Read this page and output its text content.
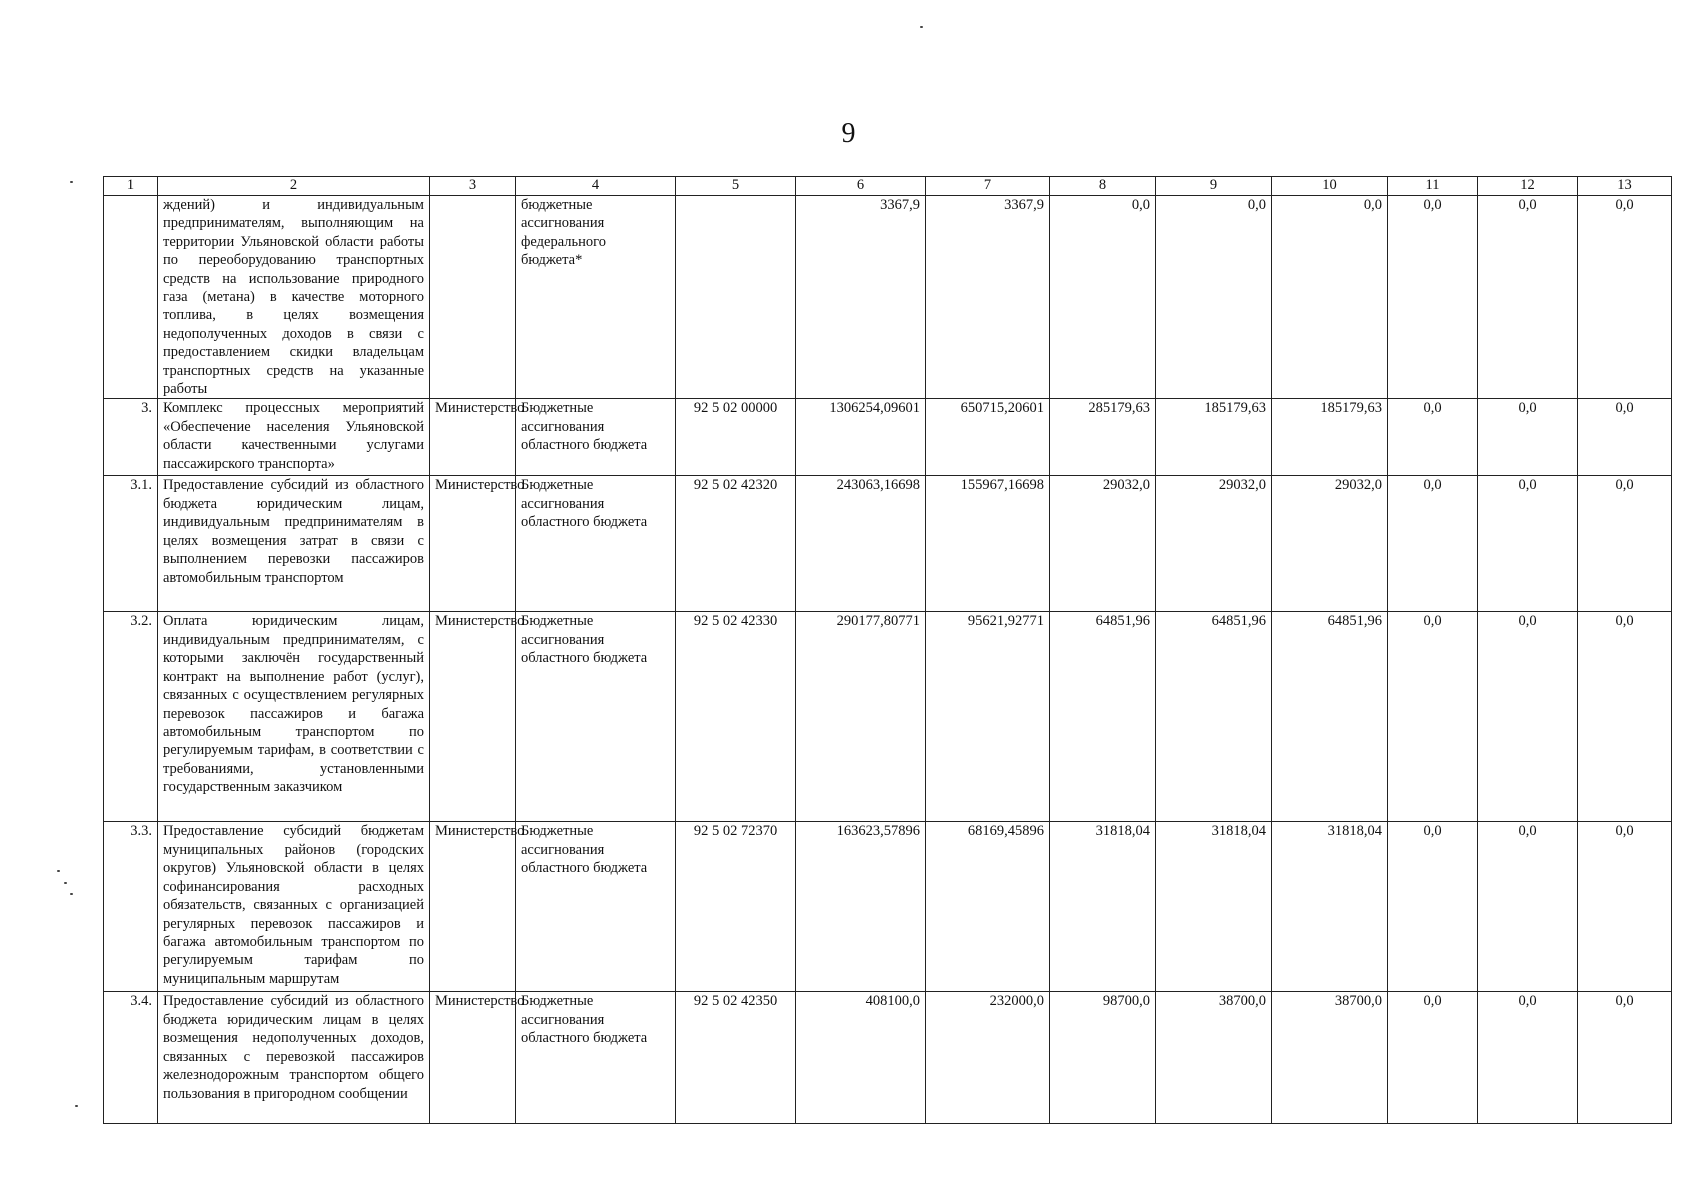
9
1	2	3	4	5	6	7	8	9	10	11	12	13
	ждений) и индивидуальным предпринимателям, выполняющим на территории Ульяновской области работы по переоборудованию транспортных средств на использование природного газа (метана) в качестве моторного топлива, в целях возмещения недополученных доходов в связи с предоставлением скидки владельцам транспортных средств на указанные работы		бюджетные ассигнования федерального бюджета*		3367,9	3367,9	0,0	0,0	0,0	0,0	0,0	0,0
3.	Комплекс процессных мероприятий «Обеспечение населения Ульяновской области качественными услугами пассажирского транспорта»	Министерство	Бюджетные ассигнования областного бюджета	92 5 02 00000	1306254,09601	650715,20601	285179,63	185179,63	185179,63	0,0	0,0	0,0
3.1.	Предоставление субсидий из областного бюджета юридическим лицам, индивидуальным предпринимателям в целях возмещения затрат в связи с выполнением перевозки пассажиров автомобильным транспортом	Министерство	Бюджетные ассигнования областного бюджета	92 5 02 42320	243063,16698	155967,16698	29032,0	29032,0	29032,0	0,0	0,0	0,0
3.2.	Оплата юридическим лицам, индивидуальным предпринимателям, с которыми заключён государственный контракт на выполнение работ (услуг), связанных с осуществлением регулярных перевозок пассажиров и багажа автомобильным транспортом по регулируемым тарифам, в соответствии с требованиями, установленными государственным заказчиком	Министерство	Бюджетные ассигнования областного бюджета	92 5 02 42330	290177,80771	95621,92771	64851,96	64851,96	64851,96	0,0	0,0	0,0
3.3.	Предоставление субсидий бюджетам муниципальных районов (городских округов) Ульяновской области в целях софинансирования расходных обязательств, связанных с организацией регулярных перевозок пассажиров и багажа автомобильным транспортом по регулируемым тарифам по муниципальным маршрутам	Министерство	Бюджетные ассигнования областного бюджета	92 5 02 72370	163623,57896	68169,45896	31818,04	31818,04	31818,04	0,0	0,0	0,0
3.4.	Предоставление субсидий из областного бюджета юридическим лицам в целях возмещения недополученных доходов, связанных с перевозкой пассажиров железнодорожным транспортом общего пользования в пригородном сообщении	Министерство	Бюджетные ассигнования областного бюджета	92 5 02 42350	408100,0	232000,0	98700,0	38700,0	38700,0	0,0	0,0	0,0
